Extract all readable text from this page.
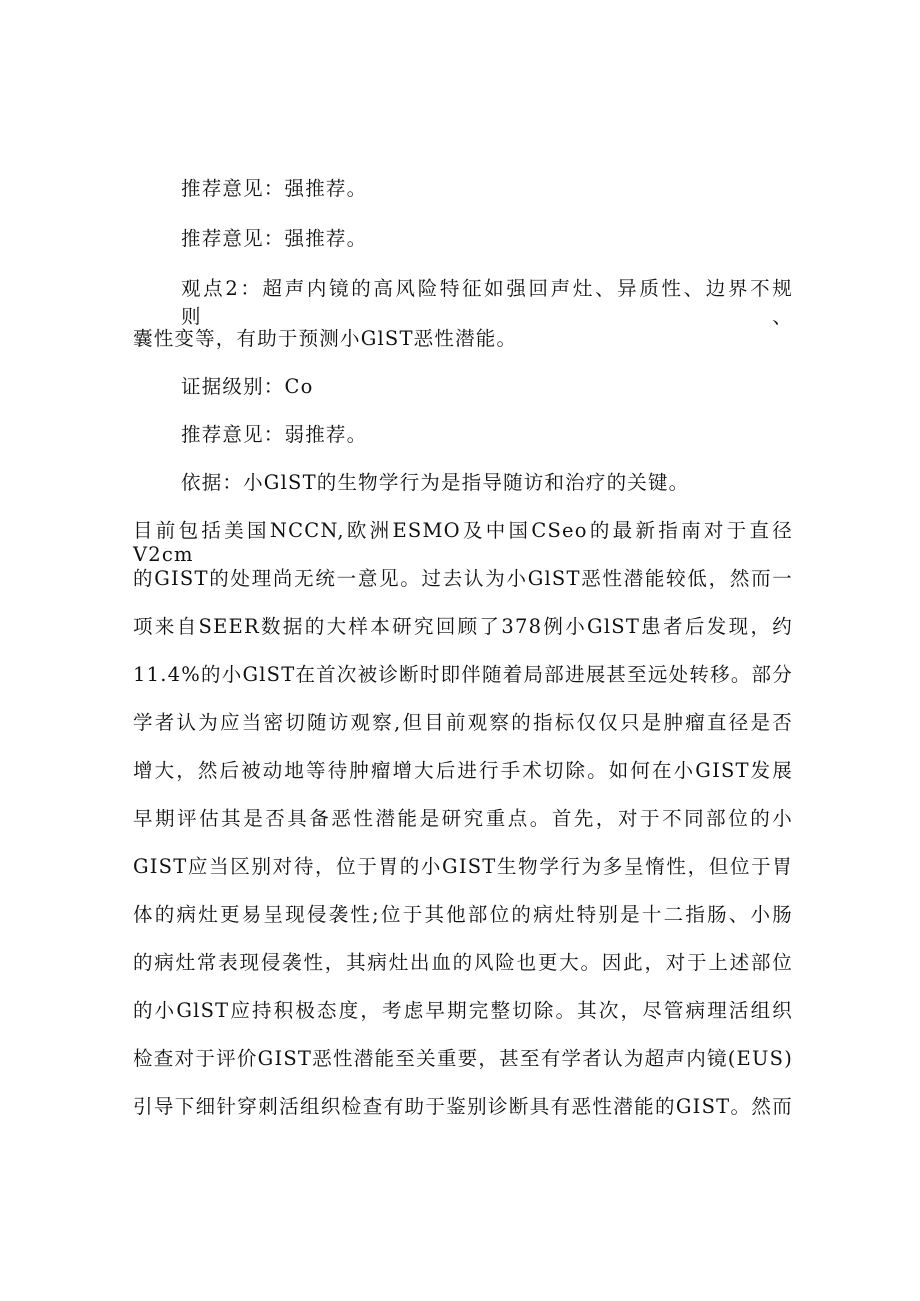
推荐意见：强推荐。
推荐意见：强推荐。
观点2：超声内镜的高风险特征如强回声灶、异质性、边界不规则、
囊性变等，有助于预测小GlST恶性潜能。
证据级别：Co
推荐意见：弱推荐。
依据：小GlST的生物学行为是指导随访和治疗的关键。
目前包括美国NCCN,欧洲ESMO及中国CSeo的最新指南对于直径V2cm
的GIST的处理尚无统一意见。过去认为小GlST恶性潜能较低，然而一
项来自SEER数据的大样本研究回顾了378例小GlST患者后发现，约
11.4%的小GlST在首次被诊断时即伴随着局部进展甚至远处转移。部分
学者认为应当密切随访观察,但目前观察的指标仅仅只是肿瘤直径是否
增大，然后被动地等待肿瘤增大后进行手术切除。如何在小GIST发展
早期评估其是否具备恶性潜能是研究重点。首先，对于不同部位的小
GIST应当区别对待，位于胃的小GIST生物学行为多呈惰性，但位于胃
体的病灶更易呈现侵袭性;位于其他部位的病灶特别是十二指肠、小肠
的病灶常表现侵袭性，其病灶出血的风险也更大。因此，对于上述部位
的小GlST应持积极态度，考虑早期完整切除。其次，尽管病理活组织
检查对于评价GIST恶性潜能至关重要，甚至有学者认为超声内镜(EUS)
引导下细针穿刺活组织检查有助于鉴别诊断具有恶性潜能的GIST。然而
